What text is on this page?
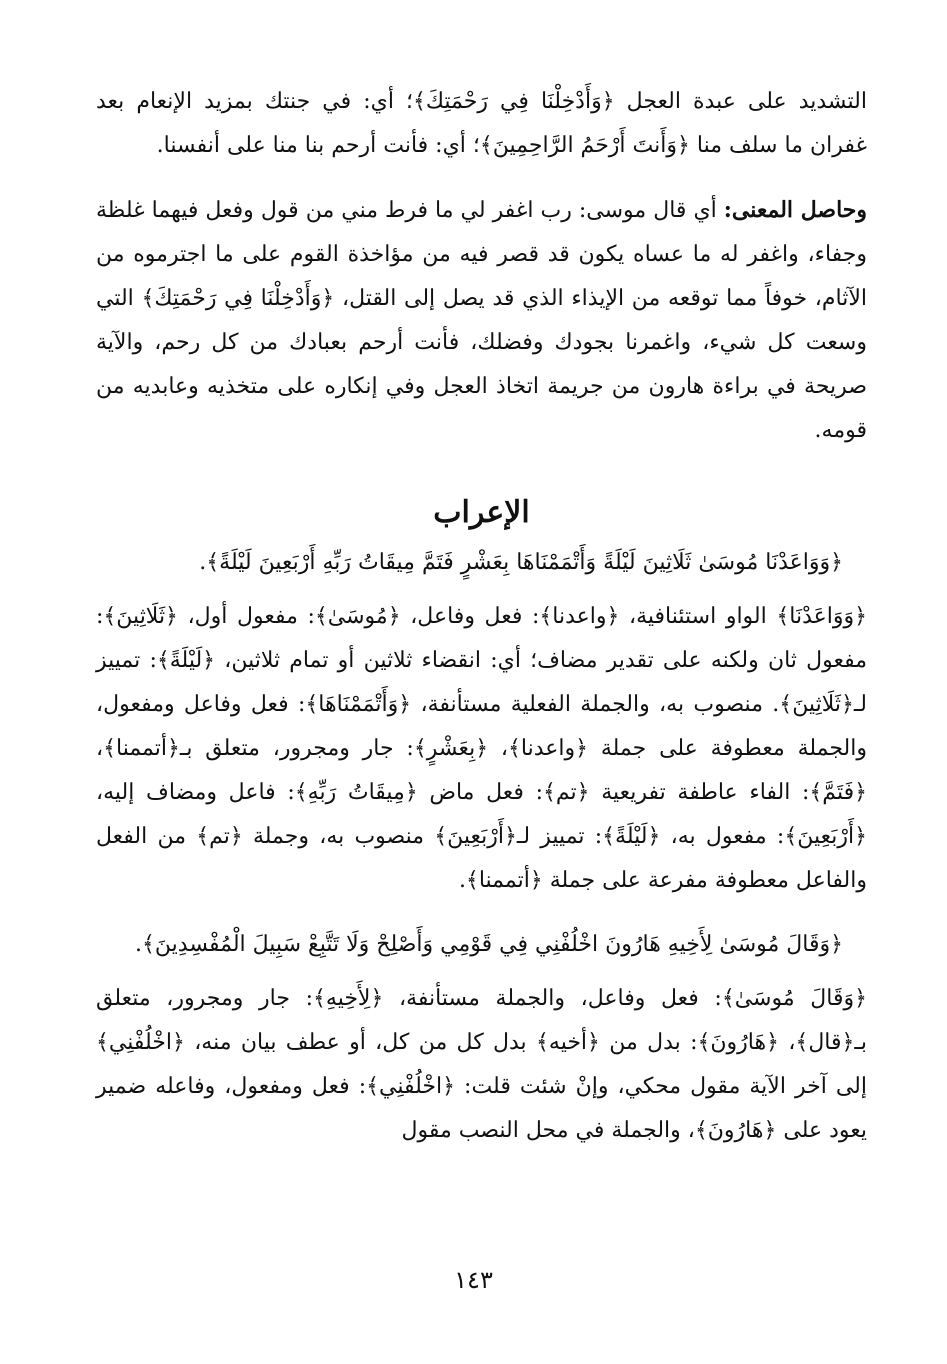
التشديد على عبدة العجل ﴿وَأَدْخِلْنَا فِي رَحْمَتِكَ﴾؛ أي: في جنتك بمزيد الإنعام بعد غفران ما سلف منا ﴿وَأَنتَ أَرْحَمُ الرَّاحِمِينَ﴾؛ أي: فأنت أرحم بنا منا على أنفسنا.

وحاصل المعنى: أي قال موسى: رب اغفر لي ما فرط مني من قول وفعل فيهما غلظة وجفاء، واغفر له ما عساه يكون قد قصر فيه من مؤاخذة القوم على ما اجترموه من الآثام، خوفاً مما توقعه من الإيذاء الذي قد يصل إلى القتل، ﴿وَأَدْخِلْنَا فِي رَحْمَتِكَ﴾ التي وسعت كل شيء، واغمرنا بجودك وفضلك، فأنت أرحم بعبادك من كل رحم، والآية صريحة في براءة هارون من جريمة اتخاذ العجل وفي إنكاره على متخذيه وعابديه من قومه.

الإعراب
﴿وَوَاعَدْنَا مُوسَىٰ ثَلَاثِينَ لَيْلَةً وَأَتْمَمْنَاهَا بِعَشْرٍ فَتَمَّ مِيقَاتُ رَبِّهِ أَرْبَعِينَ لَيْلَةً﴾.

﴿وَوَاعَدْنَا﴾ الواو استئنافية، ﴿واعدنا﴾: فعل وفاعل، ﴿مُوسَىٰ﴾: مفعول أول، ﴿ثَلَاثِينَ﴾: مفعول ثان ولكنه على تقدير مضاف؛ أي: انقضاء ثلاثين أو تمام ثلاثين، ﴿لَيْلَةً﴾: تمييز لـ﴿ثَلَاثِينَ﴾. منصوب به، والجملة الفعلية مستأنفة، ﴿وَأَتْمَمْنَاهَا﴾: فعل وفاعل ومفعول، والجملة معطوفة على جملة ﴿واعدنا﴾، ﴿بِعَشْرٍ﴾: جار ومجرور، متعلق بـ﴿أتممنا﴾، ﴿فَتَمَّ﴾: الفاء عاطفة تفريعية ﴿تم﴾: فعل ماض ﴿مِيقَاتُ رَبِّهِ﴾: فاعل ومضاف إليه، ﴿أَرْبَعِينَ﴾: مفعول به، ﴿لَيْلَةً﴾: تمييز لـ﴿أَرْبَعِينَ﴾ منصوب به، وجملة ﴿تم﴾ من الفعل والفاعل معطوفة مفرعة على جملة ﴿أتممنا﴾.

﴿وَقَالَ مُوسَىٰ لِأَخِيهِ هَارُونَ اخْلُفْنِي فِي قَوْمِي وَأَصْلِحْ وَلَا تَتَّبِعْ سَبِيلَ الْمُفْسِدِينَ﴾.

﴿وَقَالَ مُوسَىٰ﴾: فعل وفاعل، والجملة مستأنفة، ﴿لِأَخِيهِ﴾: جار ومجرور، متعلق بـ﴿قال﴾، ﴿هَارُونَ﴾: بدل من ﴿أخيه﴾ بدل كل من كل، أو عطف بيان منه، ﴿اخْلُفْنِي﴾ إلى آخر الآية مقول محكي، وإنْ شئت قلت: ﴿اخْلُفْنِي﴾: فعل ومفعول، وفاعله ضمير يعود على ﴿هَارُونَ﴾، والجملة في محل النصب مقول

١٤٣
